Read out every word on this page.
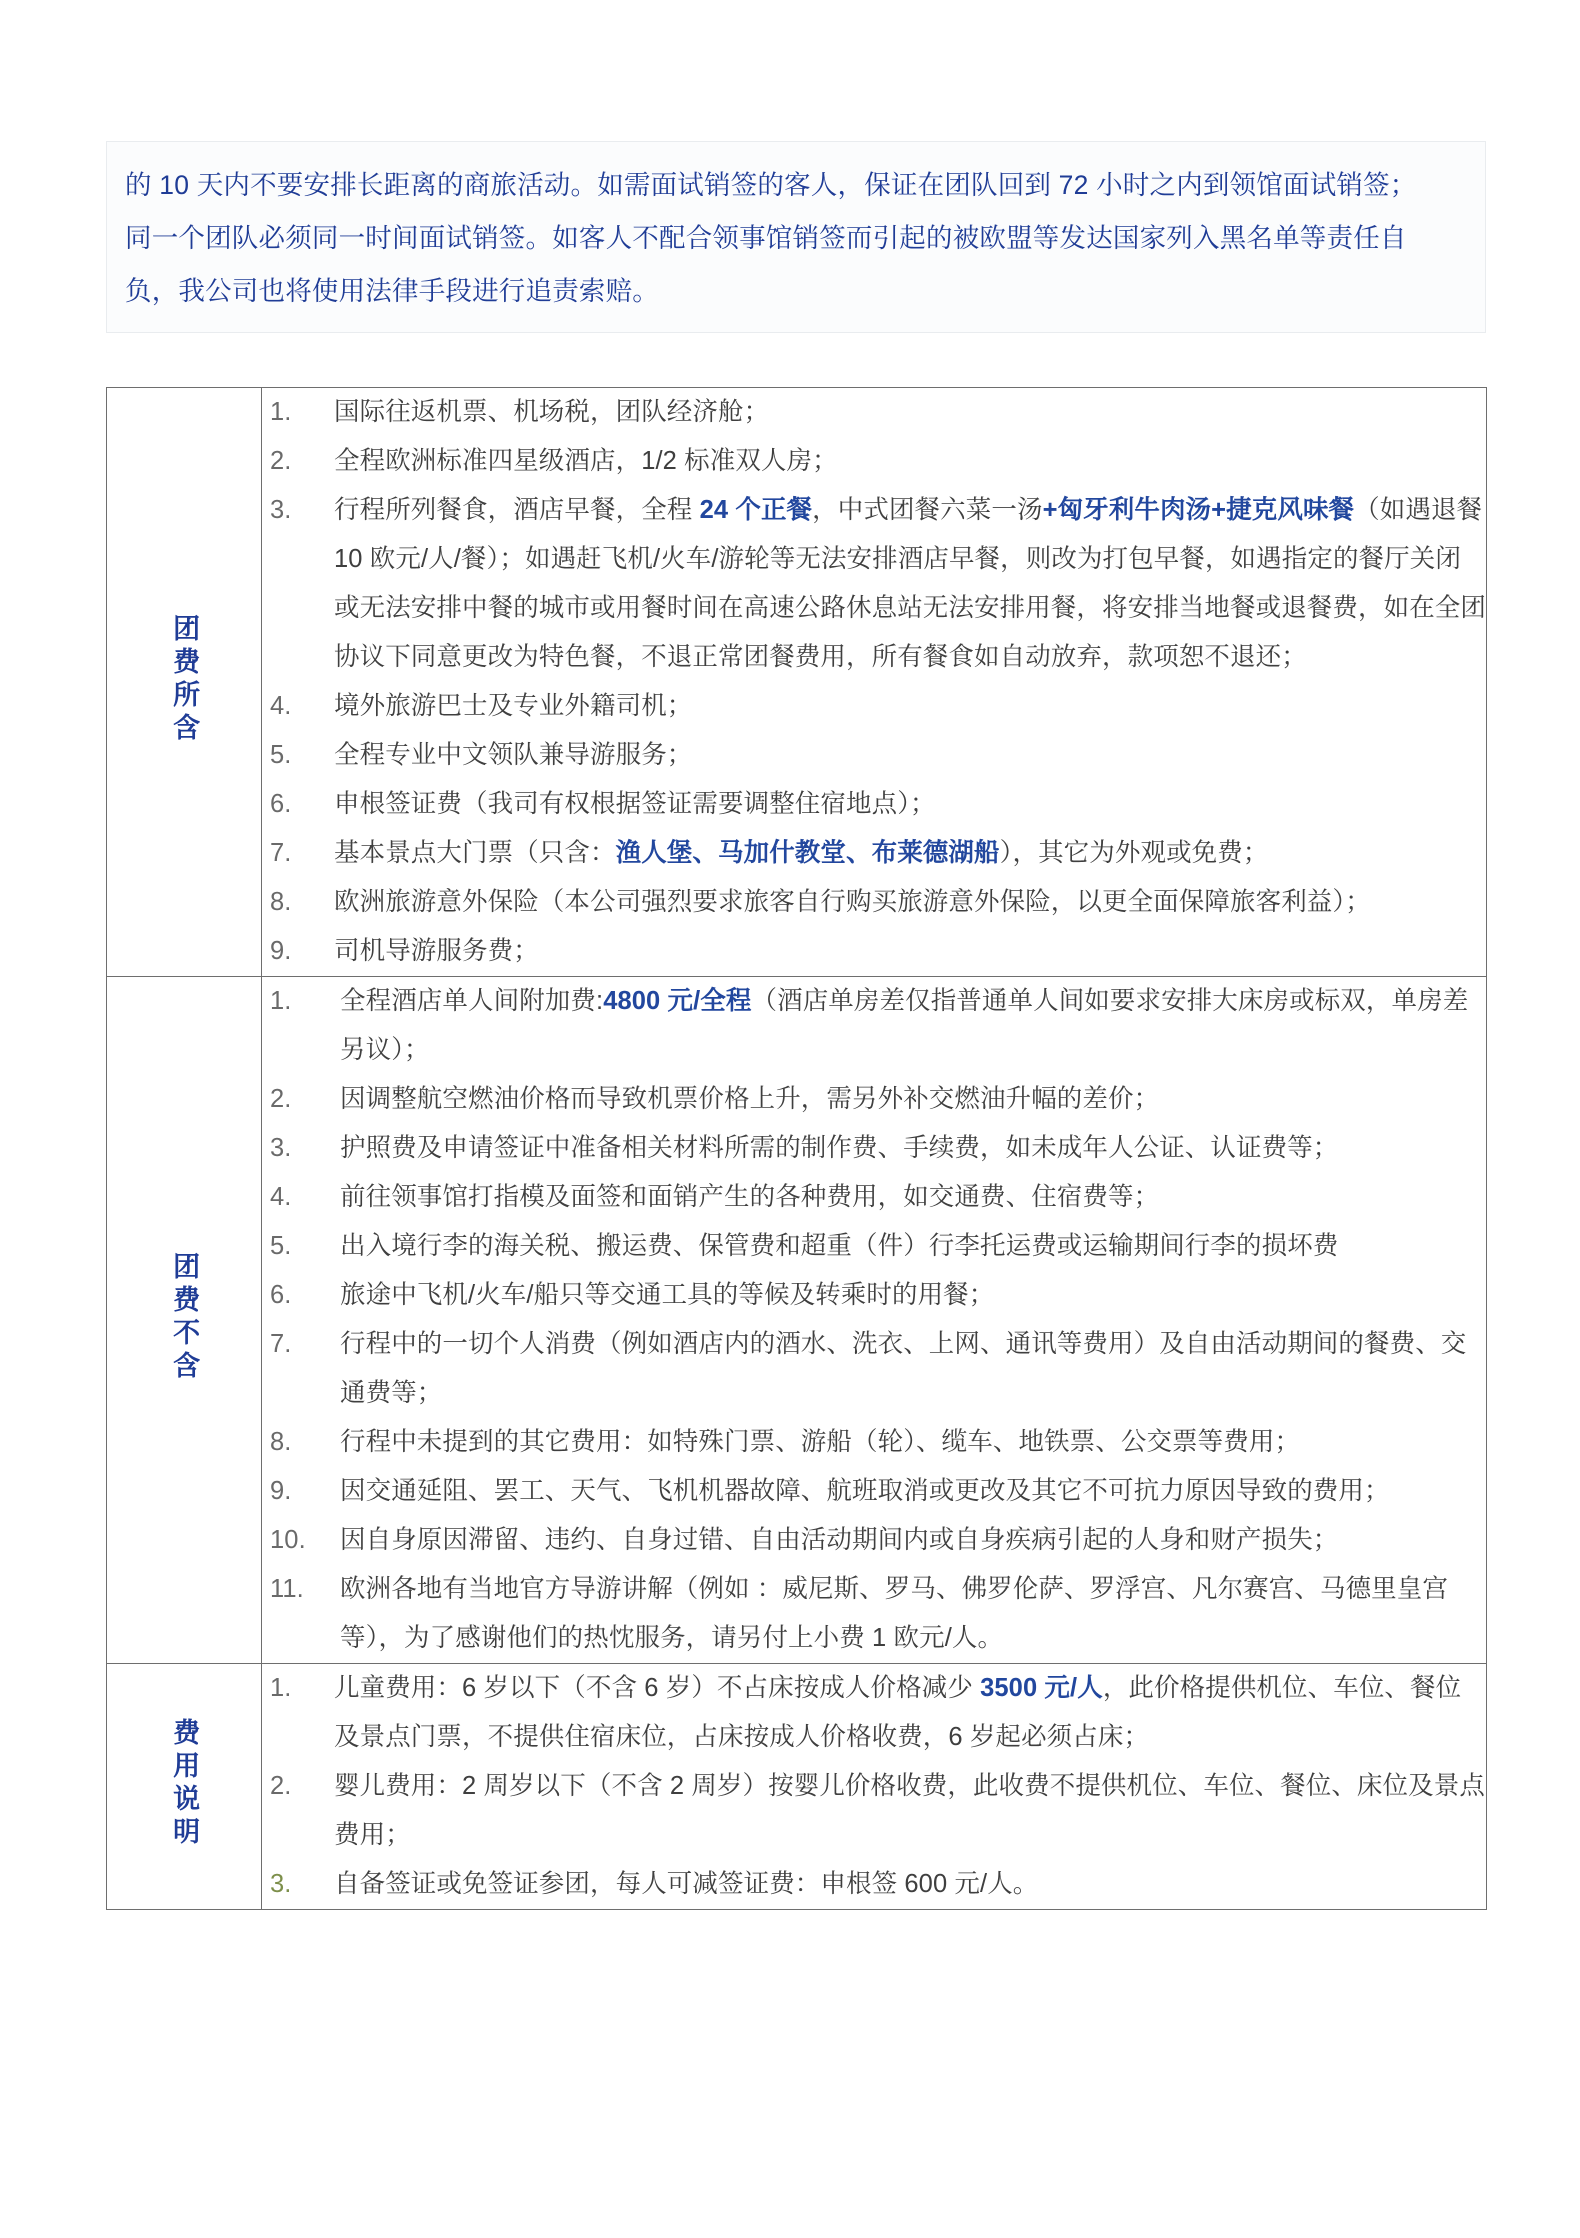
的 10 天内不要安排长距离的商旅活动。如需面试销签的客人，保证在团队回到 72 小时之内到领馆面试销签；
同一个团队必须同一时间面试销签。如客人不配合领事馆销签而引起的被欧盟等发达国家列入黑名单等责任自
负，我公司也将使用法律手段进行追责索赔。
团费所含	
国际往返机票、机场税，团队经济舱；
全程欧洲标准四星级酒店，1/2 标准双人房；
行程所列餐食，酒店早餐，全程 24 个正餐，中式团餐六菜一汤+匈牙利牛肉汤+捷克风味餐（如遇退餐 10 欧元/人/餐）；如遇赶飞机/火车/游轮等无法安排酒店早餐，则改为打包早餐，如遇指定的餐厅关闭或无法安排中餐的城市或用餐时间在高速公路休息站无法安排用餐，将安排当地餐或退餐费，如在全团协议下同意更改为特色餐，不退正常团餐费用，所有餐食如自动放弃，款项恕不退还；
境外旅游巴士及专业外籍司机；
全程专业中文领队兼导游服务；
申根签证费（我司有权根据签证需要调整住宿地点）；
基本景点大门票（只含：渔人堡、马加什教堂、布莱德湖船），其它为外观或免费；
欧洲旅游意外保险（本公司强烈要求旅客自行购买旅游意外保险，以更全面保障旅客利益）；
司机导游服务费；

团费不含	
全程酒店单人间附加费:4800 元/全程（酒店单房差仅指普通单人间如要求安排大床房或标双，单房差另议）；
因调整航空燃油价格而导致机票价格上升，需另外补交燃油升幅的差价；
护照费及申请签证中准备相关材料所需的制作费、手续费，如未成年人公证、认证费等；
前往领事馆打指模及面签和面销产生的各种费用，如交通费、住宿费等；
出入境行李的海关税、搬运费、保管费和超重（件）行李托运费或运输期间行李的损坏费
旅途中飞机/火车/船只等交通工具的等候及转乘时的用餐；
行程中的一切个人消费（例如酒店内的酒水、洗衣、上网、通讯等费用）及自由活动期间的餐费、交通费等；
行程中未提到的其它费用：如特殊门票、游船（轮）、缆车、地铁票、公交票等费用；
因交通延阻、罢工、天气、飞机机器故障、航班取消或更改及其它不可抗力原因导致的费用；
因自身原因滞留、违约、自身过错、自由活动期间内或自身疾病引起的人身和财产损失；
欧洲各地有当地官方导游讲解（例如 ：威尼斯、罗马、佛罗伦萨、罗浮宫、凡尔赛宫、马德里皇宫等），为了感谢他们的热忱服务，请另付上小费 1 欧元/人。

费用说明	
儿童费用：6 岁以下（不含 6 岁）不占床按成人价格减少 3500 元/人，此价格提供机位、车位、餐位及景点门票，不提供住宿床位，占床按成人价格收费，6 岁起必须占床；
婴儿费用：2 周岁以下（不含 2 周岁）按婴儿价格收费，此收费不提供机位、车位、餐位、床位及景点费用；
自备签证或免签证参团，每人可减签证费：申根签 600 元/人。
